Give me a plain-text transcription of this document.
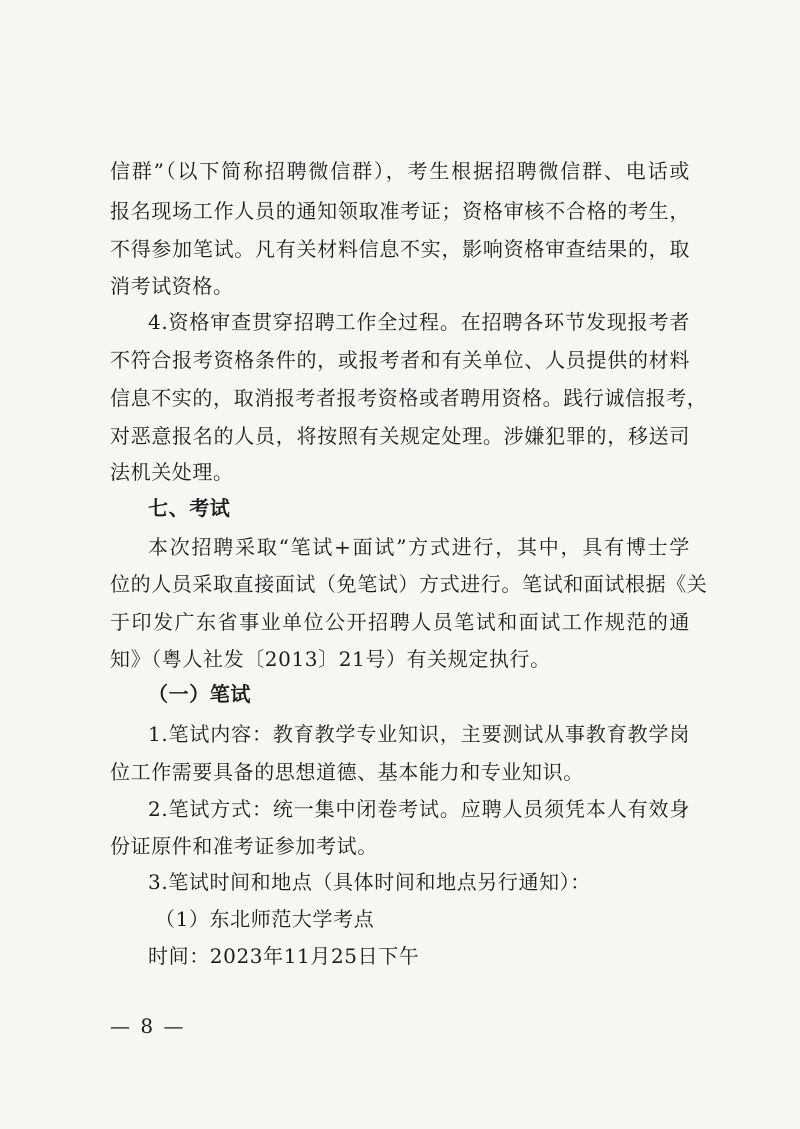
信群”（以下简称招聘微信群），考生根据招聘微信群、电话或
报名现场工作人员的通知领取准考证；资格审核不合格的考生，
不得参加笔试。凡有关材料信息不实，影响资格审查结果的，取
消考试资格。
4.资格审查贯穿招聘工作全过程。在招聘各环节发现报考者
不符合报考资格条件的，或报考者和有关单位、人员提供的材料
信息不实的，取消报考者报考资格或者聘用资格。践行诚信报考，
对恶意报名的人员，将按照有关规定处理。涉嫌犯罪的，移送司
法机关处理。
七、考试
本次招聘采取“笔试+面试”方式进行，其中，具有博士学
位的人员采取直接面试（免笔试）方式进行。笔试和面试根据《关
于印发广东省事业单位公开招聘人员笔试和面试工作规范的通
知》（粤人社发〔2013〕21号）有关规定执行。
（一）笔试
1.笔试内容：教育教学专业知识，主要测试从事教育教学岗
位工作需要具备的思想道德、基本能力和专业知识。
2.笔试方式：统一集中闭卷考试。应聘人员须凭本人有效身
份证原件和准考证参加考试。
3.笔试时间和地点（具体时间和地点另行通知）：
（1）东北师范大学考点
时间：2023年11月25日下午
— 8 —
